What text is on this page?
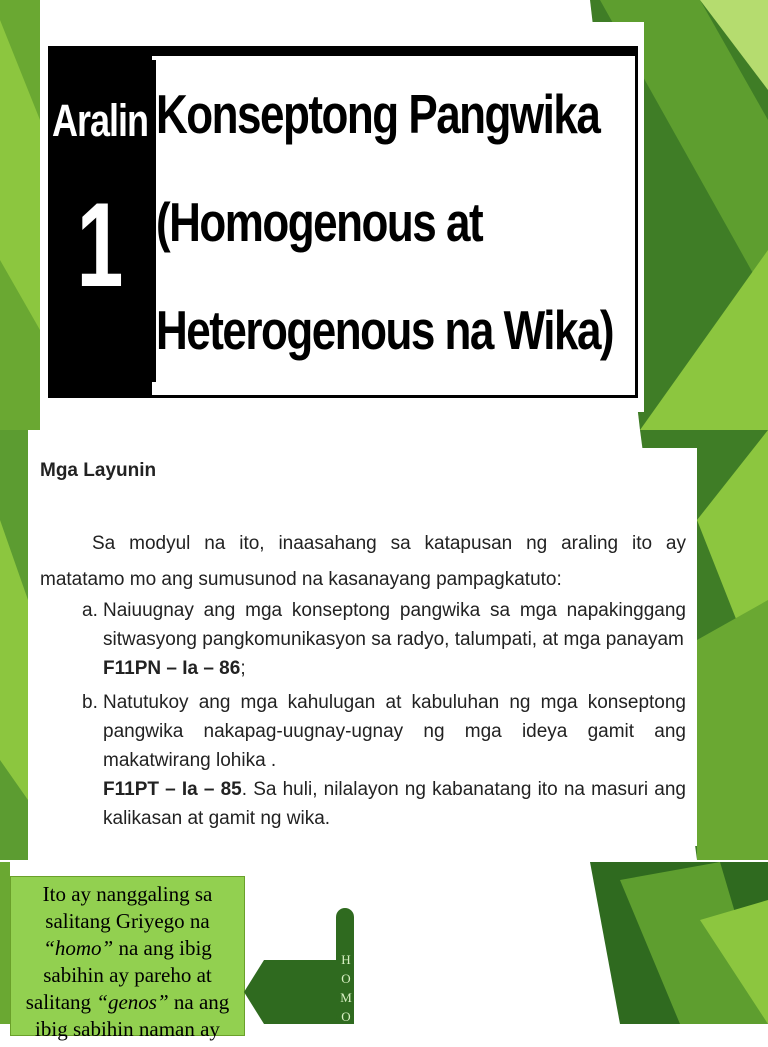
Aralin
1
Konseptong Pangwika
(Homogenous at
Heterogenous na Wika)
Mga Layunin
Sa modyul na ito, inaasahang sa katapusan ng araling ito ay matatamo mo ang sumusunod na kasanayang pampagkatuto:
a. Naiuugnay ang mga konseptong pangwika sa mga napakinggang sitwasyong pangkomunikasyon sa radyo, talumpati, at mga panayam
F11PN – Ia – 86;
b. Natutukoy ang mga kahulugan at kabuluhan ng mga konseptong pangwika nakapag-uugnay-ugnay ng mga ideya gamit ang makatwirang lohika .
F11PT – Ia – 85. Sa huli, nilalayon ng kabanatang ito na masuri ang kalikasan at gamit ng wika.
Ito ay nanggaling sa salitang Griyego na “homo” na ang ibig sabihin ay pareho at salitang “genos” na ang ibig sabihin naman ay
H
O
M
O
